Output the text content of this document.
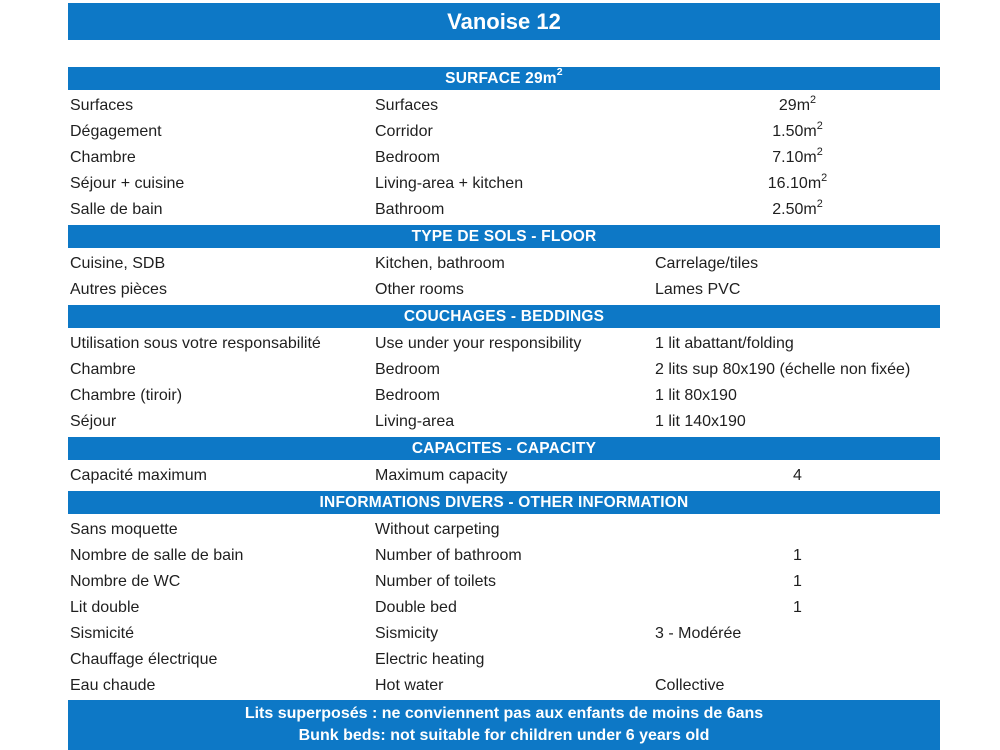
Vanoise 12
SURFACE $29m^2$
Surfaces	Surfaces	$29m^2$
Dégagement	Corridor	$1.50m^2$
Chambre	Bedroom	$7.10m^2$
Séjour + cuisine	Living-area + kitchen	$16.10m^2$
Salle de bain	Bathroom	$2.50m^2$
TYPE DE SOLS - FLOOR
Cuisine, SDB	Kitchen, bathroom	Carrelage/tiles
Autres pièces	Other rooms	Lames PVC
COUCHAGES - BEDDINGS
Utilisation sous votre responsabilité	Use under your responsibility	1 lit abattant/folding
Chambre	Bedroom	2 lits sup 80x190 (échelle non fixée)
Chambre (tiroir)	Bedroom	1 lit 80x190
Séjour	Living-area	1 lit 140x190
CAPACITES - CAPACITY
Capacité maximum	Maximum capacity	4
INFORMATIONS DIVERS - OTHER INFORMATION
Sans moquette	Without carpeting
Nombre de salle de bain	Number of bathroom	1
Nombre de WC	Number of toilets	1
Lit double	Double bed	1
Sismicité	Sismicity	3 - Modérée
Chauffage électrique	Electric heating
Eau chaude	Hot water	Collective
Lits superposés : ne conviennent pas aux enfants de moins de 6ans
Bunk beds: not suitable for children under 6 years old
